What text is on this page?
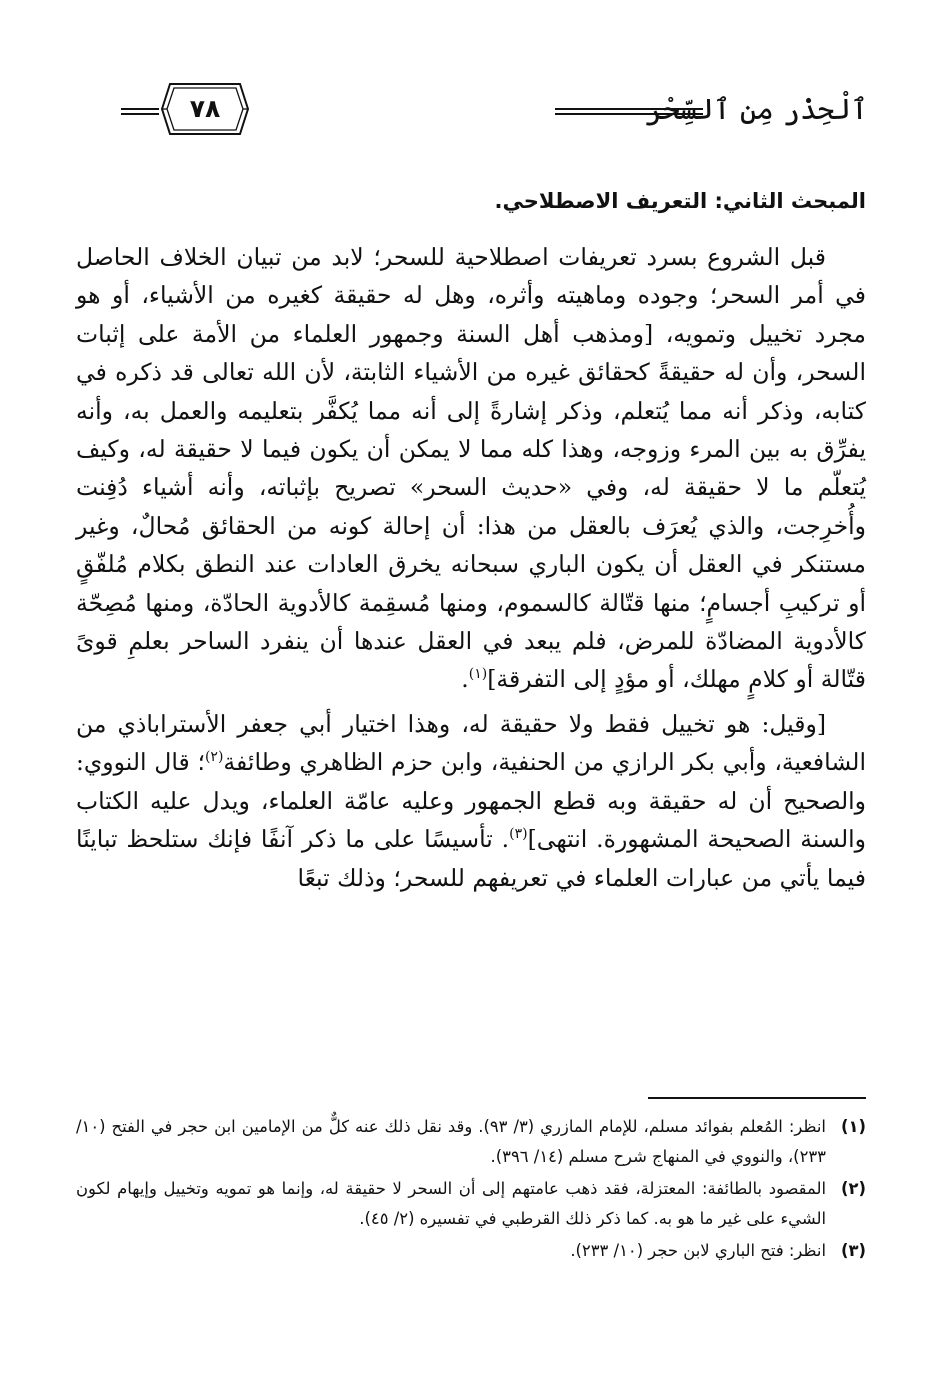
ٱلْحِذْر مِن ٱلسِّحْر
٧٨
المبحث الثاني: التعريف الاصطلاحي.

قبل الشروع بسرد تعريفات اصطلاحية للسحر؛ لابد من تبيان الخلاف الحاصل في أمر السحر؛ وجوده وماهيته وأثره، وهل له حقيقة كغيره من الأشياء، أو هو مجرد تخييل وتمويه، [ومذهب أهل السنة وجمهور العلماء من الأمة على إثبات السحر، وأن له حقيقةً كحقائق غيره من الأشياء الثابتة، لأن الله تعالى قد ذكره في كتابه، وذكر أنه مما يُتعلم، وذكر إشارةً إلى أنه مما يُكفَّر بتعليمه والعمل به، وأنه يفرِّق به بين المرء وزوجه، وهذا كله مما لا يمكن أن يكون فيما لا حقيقة له، وكيف يُتعلّم ما لا حقيقة له، وفي «حديث السحر» تصريح بإثباته، وأنه أشياء دُفِنت وأُخرِجت، والذي يُعرَف بالعقل من هذا: أن إحالة كونه من الحقائق مُحالٌ، وغير مستنكر في العقل أن يكون الباري سبحانه يخرق العادات عند النطق بكلام مُلفّقٍ أو تركيبِ أجسامٍ؛ منها قتّالة كالسموم، ومنها مُسقِمة كالأدوية الحادّة، ومنها مُصِحّة كالأدوية المضادّة للمرض، فلم يبعد في العقل عندها أن ينفرد الساحر بعلمِ قوىً قتّالة أو كلامٍ مهلك، أو مؤدٍ إلى التفرقة]$^{(١)}$.

[وقيل: هو تخييل فقط ولا حقيقة له، وهذا اختيار أبي جعفر الأستراباذي من الشافعية، وأبي بكر الرازي من الحنفية، وابن حزم الظاهري وطائفة$^{(٢)}$؛ قال النووي: والصحيح أن له حقيقة وبه قطع الجمهور وعليه عامّة العلماء، ويدل عليه الكتاب والسنة الصحيحة المشهورة. انتهى]$^{(٣)}$. تأسيسًا على ما ذكر آنفًا فإنك ستلحظ تباينًا فيما يأتي من عبارات العلماء في تعريفهم للسحر؛ وذلك تبعًا

(١)
انظر: المُعلم بفوائد مسلم، للإمام المازري (٣/ ٩٣). وقد نقل ذلك عنه كلٌّ من الإمامين ابن حجر في الفتح (١٠/ ٢٣٣)، والنووي في المنهاج شرح مسلم (١٤/ ٣٩٦).

(٢)
المقصود بالطائفة: المعتزلة، فقد ذهب عامتهم إلى أن السحر لا حقيقة له، وإنما هو تمويه وتخييل وإيهام لكون الشيء على غير ما هو به. كما ذكر ذلك القرطبي في تفسيره (٢/ ٤٥).

(٣)
انظر: فتح الباري لابن حجر (١٠/ ٢٣٣).
